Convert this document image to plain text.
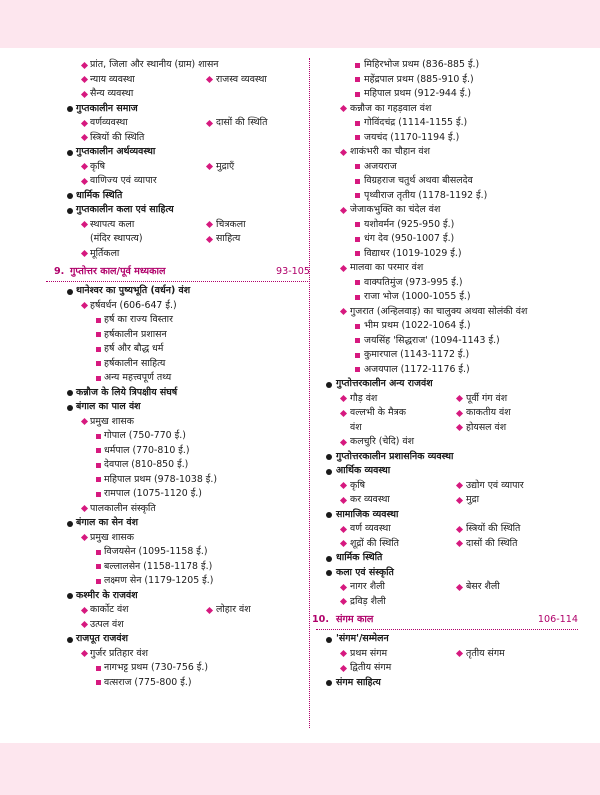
प्रांत, जिला और स्थानीय (ग्राम) शासन
न्याय व्यवस्था	राजस्व व्यवस्था
सैन्य व्यवस्था
गुप्तकालीन समाज
वर्णव्यवस्था	दासों की स्थिति
स्त्रियों की स्थिति
गुप्तकालीन अर्थव्यवस्था
कृषि	मुद्राएँ
वाणिज्य एवं व्यापार
धार्मिक स्थिति
गुप्तकालीन कला एवं साहित्य
स्थापत्य कला	चित्रकला
(मंदिर स्थापत्य)	साहित्य
मूर्तिकला
9. गुप्तोत्तर काल/पूर्व मध्यकाल	93-105
थानेश्वर का पुष्यभूति (वर्धन) वंश
हर्षवर्धन (606-647 ई.)
हर्ष का राज्य विस्तार
हर्षकालीन प्रशासन
हर्ष और बौद्ध धर्म
हर्षकालीन साहित्य
अन्य महत्त्वपूर्ण तथ्य
कन्नौज के लिये त्रिपक्षीय संघर्ष
बंगाल का पाल वंश
प्रमुख शासक
गोपाल (750-770 ई.)
धर्मपाल (770-810 ई.)
देवपाल (810-850 ई.)
महिपाल प्रथम (978-1038 ई.)
रामपाल (1075-1120 ई.)
पालकालीन संस्कृति
बंगाल का सेन वंश
प्रमुख शासक
विजयसेन (1095-1158 ई.)
बल्लालसेन (1158-1178 ई.)
लक्ष्मण सेन (1179-1205 ई.)
कश्मीर के राजवंश
कार्कोट वंश	लोहार वंश
उत्पल वंश
राजपूत राजवंश
गुर्जर प्रतिहार वंश
नागभट्ट प्रथम (730-756 ई.)
वत्सराज (775-800 ई.)
मिहिरभोज प्रथम (836-885 ई.)
महेंद्रपाल प्रथम (885-910 ई.)
महिपाल प्रथम (912-944 ई.)
कन्नौज का गहड़वाल वंश
गोविंदचंद्र (1114-1155 ई.)
जयचंद (1170-1194 ई.)
शाकंभरी का चौहान वंश
अजयराज
विग्रहराज चतुर्थ अथवा बीसलदेव
पृथ्वीराज तृतीय (1178-1192 ई.)
जेजाकभुक्ति का चंदेल वंश
यशोवर्मन (925-950 ई.)
धंग देव (950-1007 ई.)
विद्याधर (1019-1029 ई.)
मालवा का परमार वंश
वाक्पतिमुंज (973-995 ई.)
राजा भोज (1000-1055 ई.)
गुजरात (अन्हिलवाड़) का चालुक्य अथवा सोलंकी वंश
भीम प्रथम (1022-1064 ई.)
जयसिंह 'सिद्धराज' (1094-1143 ई.)
कुमारपाल (1143-1172 ई.)
अजयपाल (1172-1176 ई.)
गुप्तोत्तरकालीन अन्य राजवंश
गौड़ वंश	पूर्वी गंग वंश
वल्लभी के मैत्रक	काकतीय वंश
वंश	होयसल वंश
कलचुरि (चेदि) वंश
गुप्तोत्तरकालीन प्रशासनिक व्यवस्था
आर्थिक व्यवस्था
कृषि	उद्योग एवं व्यापार
कर व्यवस्था	मुद्रा
सामाजिक व्यवस्था
वर्ण व्यवस्था	स्त्रियों की स्थिति
शूद्रों की स्थिति	दासों की स्थिति
धार्मिक स्थिति
कला एवं संस्कृति
नागर शैली	बेसर शैली
द्रविड़ शैली
10. संगम काल	106-114
'संगम'/सम्मेलन
प्रथम संगम	तृतीय संगम
द्वितीय संगम
संगम साहित्य
